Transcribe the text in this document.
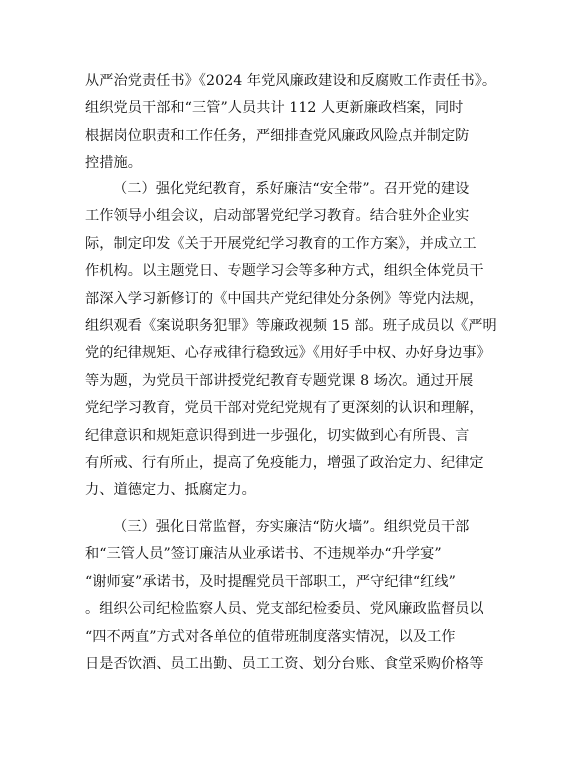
从严治党责任书》《2024 年党风廉政建设和反腐败工作责任书》。
组织党员干部和“三管”人员共计 112 人更新廉政档案，同时
根据岗位职责和工作任务，严细排查党风廉政风险点并制定防
控措施。
（二）强化党纪教育，系好廉洁“安全带”。召开党的建设
工作领导小组会议，启动部署党纪学习教育。结合驻外企业实
际，制定印发《关于开展党纪学习教育的工作方案》，并成立工
作机构。以主题党日、专题学习会等多种方式，组织全体党员干
部深入学习新修订的《中国共产党纪律处分条例》等党内法规，
组织观看《案说职务犯罪》等廉政视频 15 部。班子成员以《严明
党的纪律规矩、心存戒律行稳致远》《用好手中权、办好身边事》
等为题，为党员干部讲授党纪教育专题党课 8 场次。通过开展
党纪学习教育，党员干部对党纪党规有了更深刻的认识和理解，
纪律意识和规矩意识得到进一步强化，切实做到心有所畏、言
有所戒、行有所止，提高了免疫能力，增强了政治定力、纪律定
力、道德定力、抵腐定力。
（三）强化日常监督，夯实廉洁“防火墙”。组织党员干部
和“三管人员”签订廉洁从业承诺书、不违规举办“升学宴”
“谢师宴”承诺书，及时提醒党员干部职工，严守纪律“红线”
。组织公司纪检监察人员、党支部纪检委员、党风廉政监督员以
“四不两直”方式对各单位的值带班制度落实情况，以及工作
日是否饮酒、员工出勤、员工工资、划分台账、食堂采购价格等
